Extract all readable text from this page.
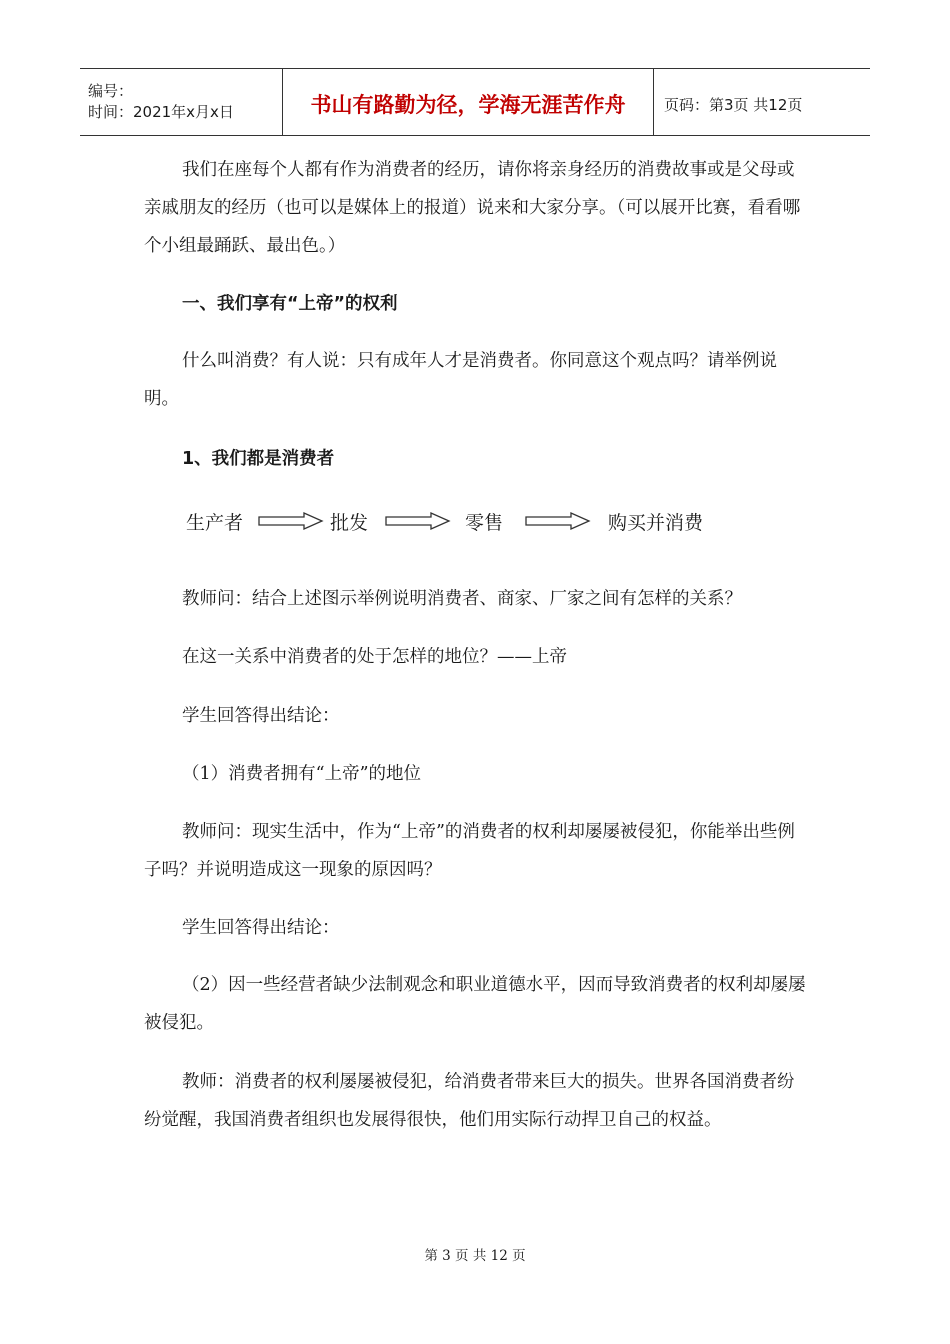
编号：
时间：2021年x月x日	书山有路勤为径，学海无涯苦作舟	页码：第3页 共12页

我们在座每个人都有作为消费者的经历，请你将亲身经历的消费故事或是父母或亲戚朋友的经历（也可以是媒体上的报道）说来和大家分享。（可以展开比赛，看看哪个小组最踊跃、最出色。）

一、我们享有“上帝”的权利

什么叫消费？有人说：只有成年人才是消费者。你同意这个观点吗？请举例说明。

1、我们都是消费者

生产者	批发	零售	购买并消费

教师问：结合上述图示举例说明消费者、商家、厂家之间有怎样的关系？

在这一关系中消费者的处于怎样的地位？——上帝

学生回答得出结论：

（1）消费者拥有“上帝”的地位

教师问：现实生活中，作为“上帝”的消费者的权利却屡屡被侵犯，你能举出些例子吗？并说明造成这一现象的原因吗？

学生回答得出结论：

（2）因一些经营者缺少法制观念和职业道德水平，因而导致消费者的权利却屡屡被侵犯。

教师：消费者的权利屡屡被侵犯，给消费者带来巨大的损失。世界各国消费者纷纷觉醒，我国消费者组织也发展得很快，他们用实际行动捍卫自己的权益。

第 3 页 共 12 页
